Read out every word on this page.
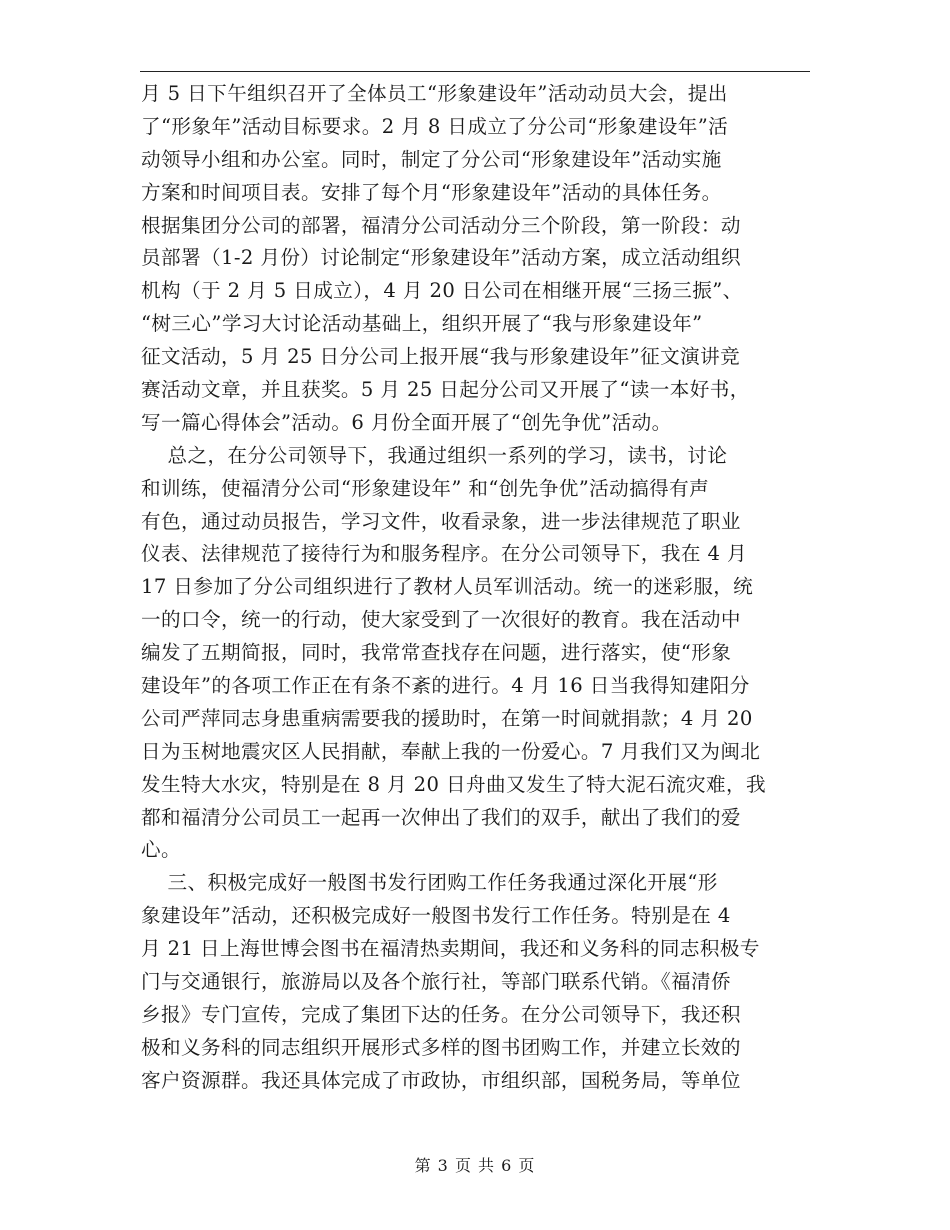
月 5 日下午组织召开了全体员工“形象建设年”活动动员大会，提出
了“形象年”活动目标要求。2 月 8 日成立了分公司“形象建设年”活
动领导小组和办公室。同时，制定了分公司“形象建设年”活动实施
方案和时间项目表。安排了每个月“形象建设年”活动的具体任务。
根据集团分公司的部署，福清分公司活动分三个阶段，第一阶段：动
员部署（1-2 月份）讨论制定“形象建设年”活动方案，成立活动组织
机构（于 2 月 5 日成立），4 月 20 日公司在相继开展“三扬三振”、
“树三心”学习大讨论活动基础上，组织开展了“我与形象建设年”
征文活动，5 月 25 日分公司上报开展“我与形象建设年”征文演讲竞
赛活动文章，并且获奖。5 月 25 日起分公司又开展了“读一本好书，
写一篇心得体会”活动。6 月份全面开展了“创先争优”活动。
总之，在分公司领导下，我通过组织一系列的学习，读书，讨论
和训练，使福清分公司“形象建设年” 和“创先争优”活动搞得有声
有色，通过动员报告，学习文件，收看录象，进一步法律规范了职业
仪表、法律规范了接待行为和服务程序。在分公司领导下，我在 4 月
17 日参加了分公司组织进行了教材人员军训活动。统一的迷彩服，统
一的口令，统一的行动，使大家受到了一次很好的教育。我在活动中
编发了五期简报，同时，我常常查找存在问题，进行落实，使“形象
建设年”的各项工作正在有条不紊的进行。4 月 16 日当我得知建阳分
公司严萍同志身患重病需要我的援助时，在第一时间就捐款；4 月 20
日为玉树地震灾区人民捐献，奉献上我的一份爱心。7 月我们又为闽北
发生特大水灾，特别是在 8 月 20 日舟曲又发生了特大泥石流灾难，我
都和福清分公司员工一起再一次伸出了我们的双手，献出了我们的爱
心。
三、积极完成好一般图书发行团购工作任务我通过深化开展“形
象建设年”活动，还积极完成好一般图书发行工作任务。特别是在 4
月 21 日上海世博会图书在福清热卖期间，我还和义务科的同志积极专
门与交通银行，旅游局以及各个旅行社，等部门联系代销。《福清侨
乡报》专门宣传，完成了集团下达的任务。在分公司领导下，我还积
极和义务科的同志组织开展形式多样的图书团购工作，并建立长效的
客户资源群。我还具体完成了市政协，市组织部，国税务局，等单位
第 3 页 共 6 页
